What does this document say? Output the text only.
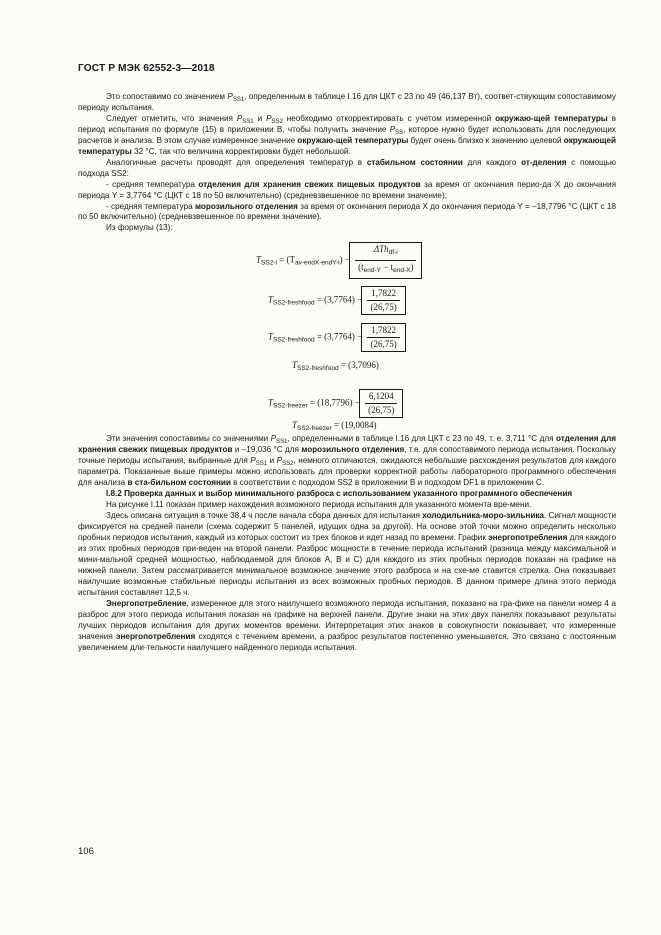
ГОСТ Р МЭК 62552-3—2018

Это сопоставимо со значением $P_{SS1}$, определенным в таблице I.16 для ЦКТ с 23 по 49 (46,137 Вт), соответ-ствующим сопоставимому периоду испытания.

Следует отметить, что значения $P_{SS1}$ и $P_{SS2}$ необходимо откорректировать с учетом измеренной окружаю-щей температуры в период испытания по формуле (15) в приложении В, чтобы получить значение $P_{SS}$, которое нужно будет использовать для последующих расчетов и анализа. В этом случае измеренное значение окружаю-щей температуры будет очень близко к значению целевой окружающей температуры 32 °С, так что величина корректировки будет небольшой.

Аналогичные расчеты проводят для определения температур в стабильном состоянии для каждого от-деления с помощью подхода SS2:

- средняя температура отделения для хранения свежих пищевых продуктов за время от окончания перио-да X до окончания периода Y = 3,7764 °С (ЦКТ с 18 по 50 включительно) (средневзвешенное по времени значение);

- средняя температура морозильного отделения за время от окончания периода X до окончания периода Y = –18,7796 °С (ЦКТ с 18 по 50 включительно) (средневзвешенное по времени значение).

Из формулы (13):

$T_{SS2-i} = (T_{av-endX-endY-i}) - \frac{\Delta Th_{df-i}}{(t_{end-Y} - t_{end-X})}$
$T_{SS2-freshfood} = (3,7764) - \frac{1,7822}{(26,75)}$
$T_{SS2-freshfood} = (3,7764) - \frac{1,7822}{(26,75)}$
$T_{SS2-freshfood} = (3,7096)$
$T_{SS2-freezer} = (18,7796) - \frac{6,1204}{(26,75)}$
$T_{SS2-freezer} = (19,0084)$

Эти значения сопоставимы со значениями $P_{SS1}$, определенными в таблице I.16 для ЦКТ с 23 по 49, т. е. 3,711 °С для отделения для хранения свежих пищевых продуктов и –19,036 °С для морозильного отделения, т.е. для сопоставимого периода испытания. Поскольку точные периоды испытания, выбранные для $P_{SS1}$ и $P_{SS2}$, немного отличаются, ожидаются небольшие расхождения результатов для каждого параметра. Показанные выше примеры можно использовать для проверки корректной работы лабораторного программного обеспечения для анализа в ста-бильном состоянии в соответствии с подходом SS2 в приложении В и подходом DF1 в приложении С.

I.8.2 Проверка данных и выбор минимального разброса с использованием указанного программного обеспечения

На рисунке I.11 показан пример нахождения возможного периода испытания для указанного момента вре-мени.

Здесь описана ситуация в точке 38,4 ч после начала сбора данных для испытания холодильника-моро-зильника. Сигнал мощности фиксируется на средней панели (схема содержит 5 панелей, идущих одна за другой). На основе этой точки можно определить несколько пробных периодов испытания, каждый из которых состоит из трех блоков и идет назад по времени. График энергопотребления для каждого из этих пробных периодов при-веден на второй панели. Разброс мощности в течение периода испытаний (разница между максимальной и мини-мальной средней мощностью, наблюдаемой для блоков А, В и С) для каждого из этих пробных периодов показан на графике на нижней панели. Затем рассматривается минимальное возможное значение этого разброса и на схе-ме ставится стрелка. Она показывает наилучшие возможные стабильные периоды испытания из всех возможных пробных периодов. В данном примере длина этого периода испытания составляет 12,5 ч.

Энергопотребление, измеренное для этого наилучшего возможного периода испытания, показано на гра-фике на панели номер 4 а разброс для этого периода испытания показан на графике на верхней панели. Другие знаки на этих двух панелях показывают результаты лучших периодов испытания для других моментов времени. Интерпретация этих знаков в совокупности показывает, что измеренные значения энергопотребления сходятся с течением времени, а разброс результатов постепенно уменьшается. Это связано с постоянным увеличением дли-тельности наилучшего найденного периода испытания.

106
